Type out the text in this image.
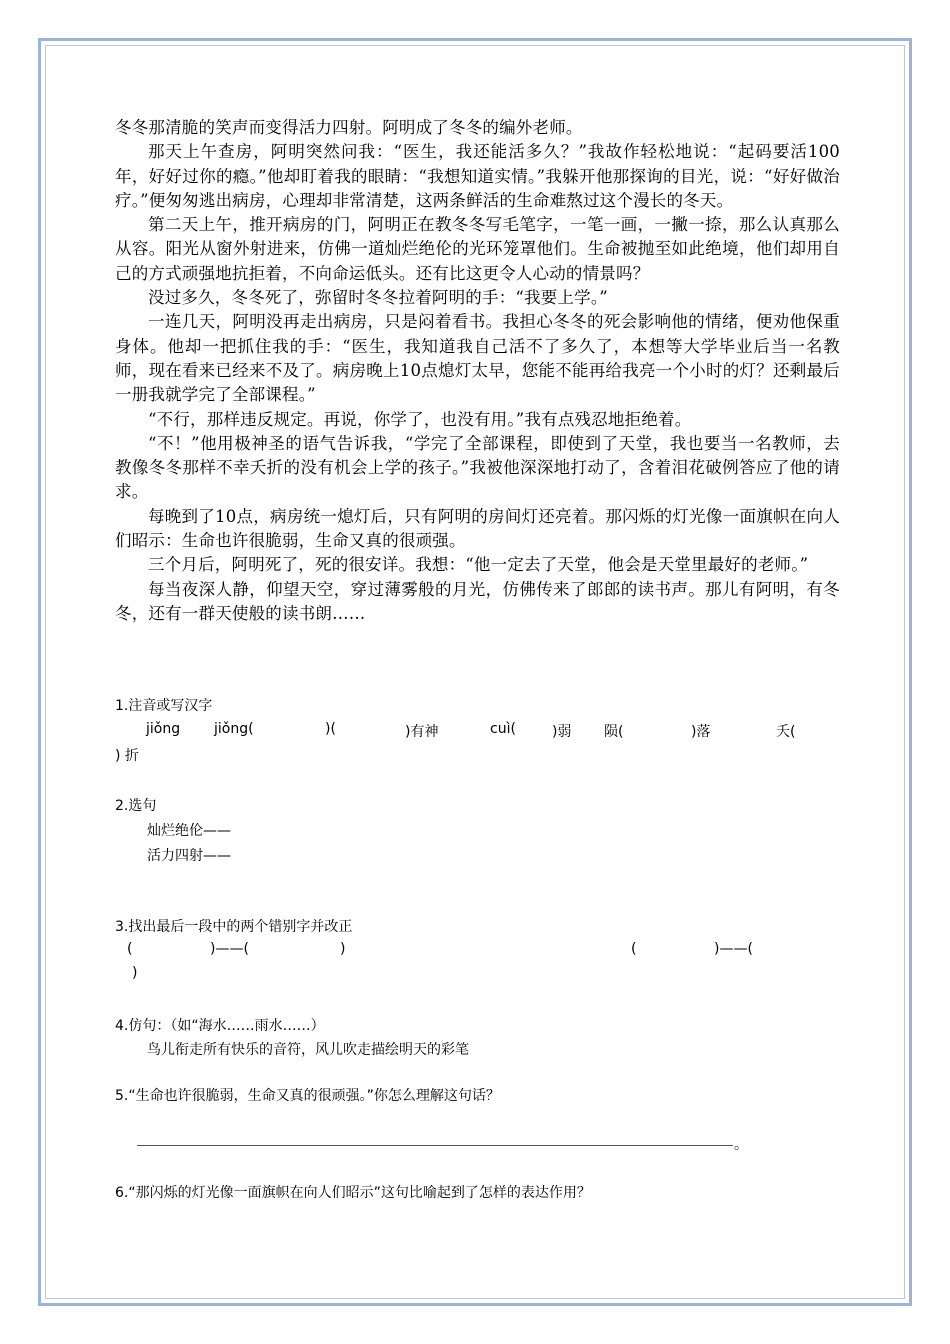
冬冬那清脆的笑声而变得活力四射。阿明成了冬冬的编外老师。

那天上午查房，阿明突然问我：“医生，我还能活多久？”我故作轻松地说：“起码要活100年，好好过你的瘾。”他却盯着我的眼睛：“我想知道实情。”我躲开他那探询的目光，说：“好好做治疗。”便匆匆逃出病房，心理却非常清楚，这两条鲜活的生命难熬过这个漫长的冬天。

第二天上午，推开病房的门，阿明正在教冬冬写毛笔字，一笔一画，一撇一捺，那么认真那么从容。阳光从窗外射进来，仿佛一道灿烂绝伦的光环笼罩他们。生命被抛至如此绝境，他们却用自己的方式顽强地抗拒着，不向命运低头。还有比这更令人心动的情景吗？

没过多久，冬冬死了，弥留时冬冬拉着阿明的手：“我要上学。”

一连几天，阿明没再走出病房，只是闷着看书。我担心冬冬的死会影响他的情绪，便劝他保重身体。他却一把抓住我的手：“医生，我知道我自己活不了多久了，本想等大学毕业后当一名教师，现在看来已经来不及了。病房晚上10点熄灯太早，您能不能再给我亮一个小时的灯？还剩最后一册我就学完了全部课程。”

“不行，那样违反规定。再说，你学了，也没有用。”我有点残忍地拒绝着。

“不！”他用极神圣的语气告诉我，“学完了全部课程，即使到了天堂，我也要当一名教师，去教像冬冬那样不幸夭折的没有机会上学的孩子。”我被他深深地打动了，含着泪花破例答应了他的请求。

每晚到了10点，病房统一熄灯后，只有阿明的房间灯还亮着。那闪烁的灯光像一面旗帜在向人们昭示：生命也许很脆弱，生命又真的很顽强。

三个月后，阿明死了，死的很安详。我想：“他一定去了天堂，他会是天堂里最好的老师。”

每当夜深人静，仰望天空，穿过薄雾般的月光，仿佛传来了郎郎的读书声。那儿有阿明，有冬冬，还有一群天使般的读书朗……

1.注音或写汉字
jiǒng jiǒng(	)(	)有神	cuì(	)弱 陨(	)落	夭(
) 折
2.选句
灿烂绝伦——
活力四射——
3.找出最后一段中的两个错别字并改正
(	)——(	)	(	)——(
)
4.仿句：（如“海水……雨水……）
鸟儿衔走所有快乐的音符，风儿吹走描绘明天的彩笔
5.“生命也许很脆弱，生命又真的很顽强。”你怎么理解这句话？
。
6.“那闪烁的灯光像一面旗帜在向人们昭示”这句比喻起到了怎样的表达作用？
